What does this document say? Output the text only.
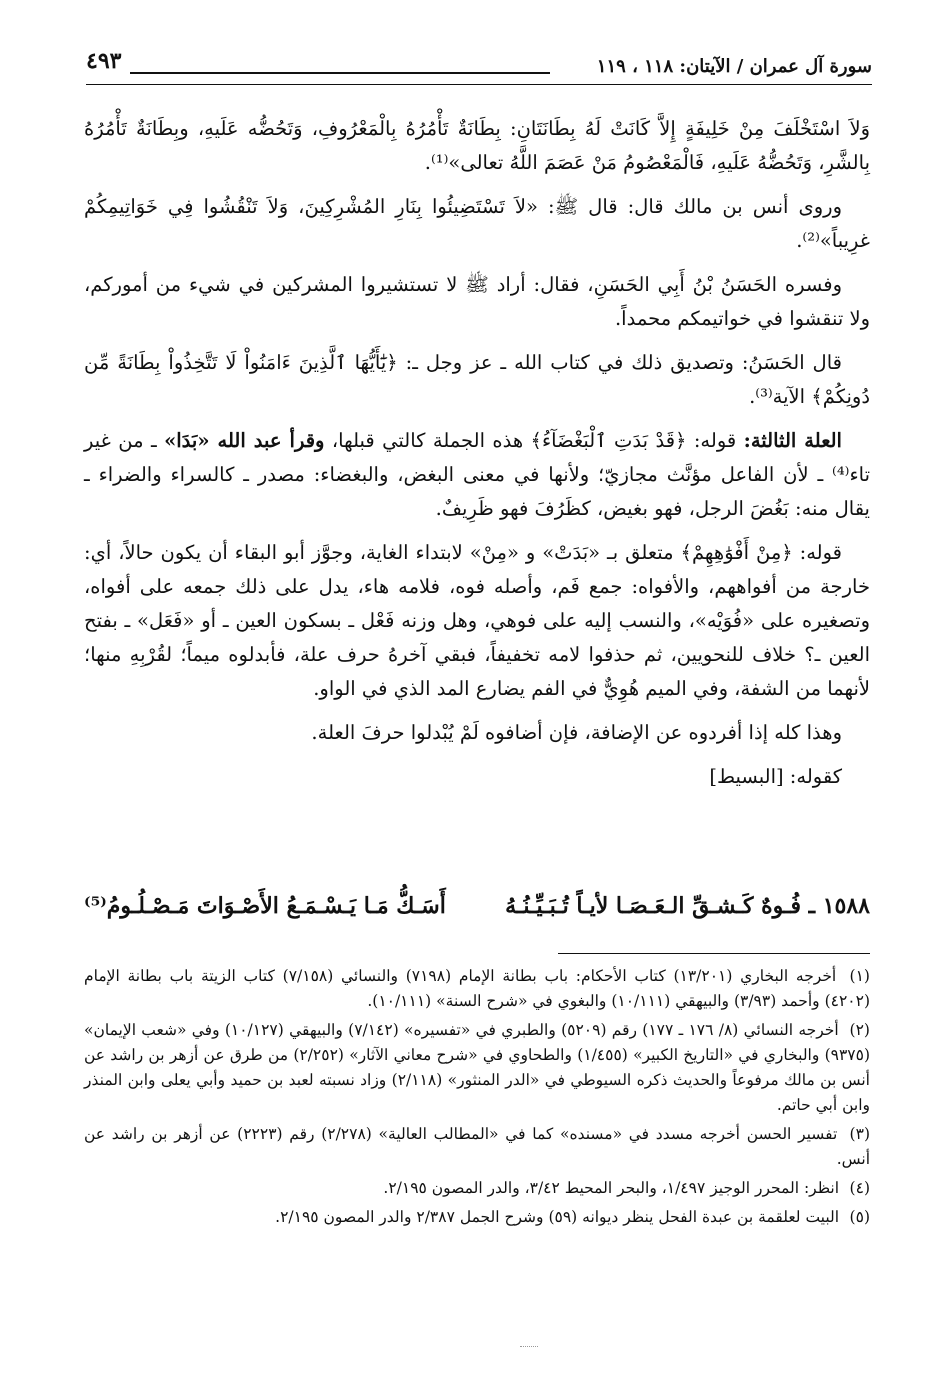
سورة آل عمران / الآيتان: ١١٨ ، ١١٩
٤٩٣

وَلاَ اسْتَخْلَفَ مِنْ خَلِيفَةٍ إِلاَّ كَانَتْ لَهُ بِطَانَتَانِ: بِطَانَةٌ تَأْمُرُهُ بِالْمَعْرُوفِ، وَتَحُضُّه عَلَيهِ، وبِطَانَةٌ تَأْمُرُهُ بِالشَّرِ، وَتَحُضُّهُ عَلَيهِ، فَالْمَعْصُومُ مَنْ عَصَمَ اللَّهُ تعالى»⁽¹⁾.

وروى أنس بن مالك قال: قال ﷺ: «لاَ تَسْتَضِيئُوا بِنَارِ المُشْرِكِينَ، وَلاَ تَنْقُشُوا فِي خَوَاتِيمِكُمْ غرِيباً»⁽²⁾.

وفسره الحَسَنُ بْنُ أَبِي الحَسَنِ، فقال: أراد ﷺ لا تستشيروا المشركين في شيء من أموركم، ولا تنقشوا في خواتيمكم محمداً.

قال الحَسَنُ: وتصديق ذلك في كتاب الله ـ عز وجل ـ: ﴿يَٰٓأَيُّهَا ٱلَّذِينَ ءَامَنُواْ لَا تَتَّخِذُواْ بِطَانَةً مِّن دُونِكُمْ﴾ الآية⁽³⁾.

العلة الثالثة: قوله: ﴿قَدْ بَدَتِ ٱلْبَغْضَآءُ﴾ هذه الجملة كالتي قبلها، وقرأ عبد الله «بَدَا» ـ من غير تاء⁽⁴⁾ ـ لأن الفاعل مؤنَّث مجازيّ؛ ولأنها في معنى البغض، والبغضاء: مصدر ـ كالسراء والضراء ـ يقال منه: بَغُضَ الرجل، فهو بغيض، كظَرُفَ فهو ظَرِيفٌ.

قوله: ﴿مِنْ أَفْوَٰهِهِمْ﴾ متعلق بـ «بَدَتْ» و «مِنْ» لابتداء الغاية، وجوَّز أبو البقاء أن يكون حالاً، أي: خارجة من أفواههم، والأفواه: جمع فَم، وأصله فوه، فلامه هاء، يدل على ذلك جمعه على أفواه، وتصغيره على «فُوَيْه»، والنسب إليه على فوهي، وهل وزنه فَعْل ـ بسكون العين ـ أو «فَعَل» ـ بفتح العين ـ؟ خلاف للنحويين، ثم حذفوا لامه تخفيفاً، فبقي آخرهُ حرف علة، فأبدلوه ميماً؛ لقُرْبِهِ منها؛ لأنهما من الشفة، وفي الميم هُوِيٌّ في الفم يضارع المد الذي في الواو.

وهذا كله إذا أفردوه عن الإضافة، فإن أضافوه لَمْ يُبْدلوا حرفَ العلة.

كقوله: [البسيط]

١٥٨٨ ـ فُـوهٌ كَـشـقِّ الـعَـصَـا لأيـاً تُـبَـيِّـنُـهُ
أَسَـكُّ مَـا يَـسْـمَـعُ الأَصْـوَاتَ مَـصْـلُـومُ⁽⁵⁾

(١) أخرجه البخاري (١٣/٢٠١) كتاب الأحكام: باب بطانة الإمام (٧١٩٨) والنسائي (٧/١٥٨) كتاب الزيتة باب بطانة الإمام (٤٢٠٢) وأحمد (٣/٩٣) والبيهقي (١٠/١١١) والبغوي في «شرح السنة» (١٠/١١١).

(٢) أخرجه النسائي (٨/ ١٧٦ ـ ١٧٧) رقم (٥٢٠٩) والطبري في «تفسيره» (٧/١٤٢) والبيهقي (١٠/١٢٧) وفي «شعب الإيمان» (٩٣٧٥) والبخاري في «التاريخ الكبير» (١/٤٥٥) والطحاوي في «شرح معاني الآثار» (٢/٢٥٢) من طرق عن أزهر بن راشد عن أنس بن مالك مرفوعاً والحديث ذكره السيوطي في «الدر المنثور» (٢/١١٨) وزاد نسبته لعبد بن حميد وأبي يعلى وابن المنذر وابن أبي حاتم.

(٣) تفسير الحسن أخرجه مسدد في «مسنده» كما في «المطالب العالية» (٢/٢٧٨) رقم (٢٢٢٣) عن أزهر بن راشد عن أنس.

(٤) انظر: المحرر الوجيز ١/٤٩٧، والبحر المحيط ٣/٤٢، والدر المصون ٢/١٩٥.

(٥) البيت لعلقمة بن عبدة الفحل ينظر ديوانه (٥٩) وشرح الجمل ٢/٣٨٧ والدر المصون ٢/١٩٥.
